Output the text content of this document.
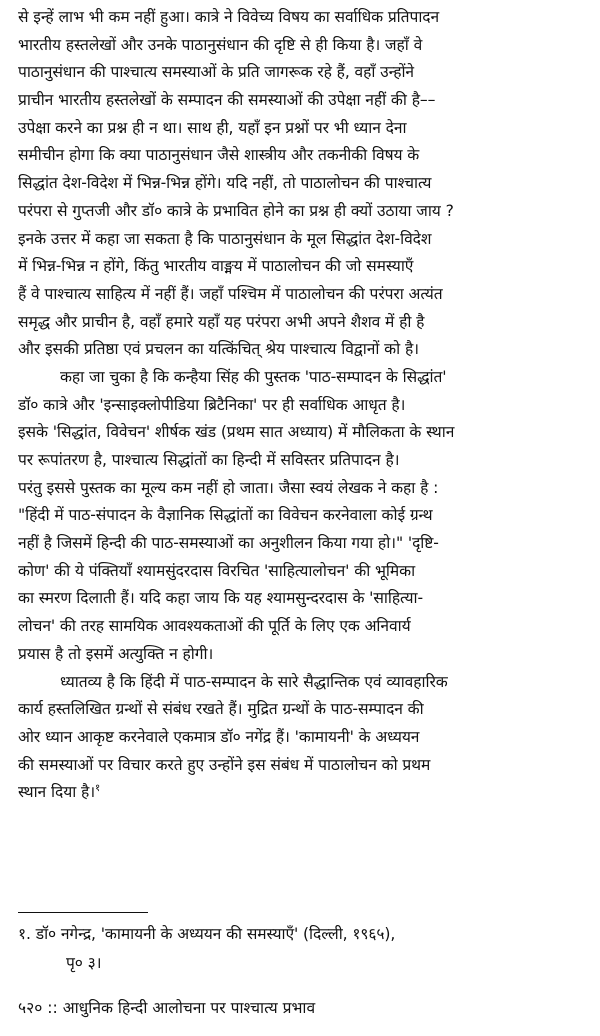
से इन्हें लाभ भी कम नहीं हुआ। कात्रे ने विवेच्य विषय का सर्वाधिक प्रतिपादन
भारतीय हस्तलेखों और उनके पाठानुसंधान की दृष्टि से ही किया है। जहाँ वे
पाठानुसंधान की पाश्चात्य समस्याओं के प्रति जागरूक रहे हैं, वहाँ उन्होंने
प्राचीन भारतीय हस्तलेखों के सम्पादन की समस्याओं की उपेक्षा नहीं की है––
उपेक्षा करने का प्रश्न ही न था। साथ ही, यहाँ इन प्रश्नों पर भी ध्यान देना
समीचीन होगा कि क्या पाठानुसंधान जैसे शास्त्रीय और तकनीकी विषय के
सिद्धांत देश-विदेश में भिन्न-भिन्न होंगे। यदि नहीं, तो पाठालोचन की पाश्चात्य
परंपरा से गुप्तजी और डॉ० कात्रे के प्रभावित होने का प्रश्न ही क्यों उठाया जाय ?
इनके उत्तर में कहा जा सकता है कि पाठानुसंधान के मूल सिद्धांत देश-विदेश
में भिन्न-भिन्न न होंगे, किंतु भारतीय वाङ्मय में पाठालोचन की जो समस्याएँ
हैं वे पाश्चात्य साहित्य में नहीं हैं। जहाँ पश्चिम में पाठालोचन की परंपरा अत्यंत
समृद्ध और प्राचीन है, वहाँ हमारे यहाँ यह परंपरा अभी अपने शैशव में ही है
और इसकी प्रतिष्ठा एवं प्रचलन का यत्किंचित् श्रेय पाश्चात्य विद्वानों को है।
कहा जा चुका है कि कन्हैया सिंह की पुस्तक 'पाठ-सम्पादन के सिद्धांत'
डॉ० कात्रे और 'इन्साइक्लोपीडिया ब्रिटैनिका' पर ही सर्वाधिक आधृत है।
इसके 'सिद्धांत, विवेचन' शीर्षक खंड (प्रथम सात अध्याय) में मौलिकता के स्थान
पर रूपांतरण है, पाश्चात्य सिद्धांतों का हिन्दी में सविस्तर प्रतिपादन है।
परंतु इससे पुस्तक का मूल्य कम नहीं हो जाता। जैसा स्वयं लेखक ने कहा है :
"हिंदी में पाठ-संपादन के वैज्ञानिक सिद्धांतों का विवेचन करनेवाला कोई ग्रन्थ
नहीं है जिसमें हिन्दी की पाठ-समस्याओं का अनुशीलन किया गया हो।" 'दृष्टि-
कोण' की ये पंक्तियाँ श्यामसुंदरदास विरचित 'साहित्यालोचन' की भूमिका
का स्मरण दिलाती हैं। यदि कहा जाय कि यह श्यामसुन्दरदास के 'साहित्या-
लोचन' की तरह सामयिक आवश्यकताओं की पूर्ति के लिए एक अनिवार्य
प्रयास है तो इसमें अत्युक्ति न होगी।
ध्यातव्य है कि हिंदी में पाठ-सम्पादन के सारे सैद्धान्तिक एवं व्यावहारिक
कार्य हस्तलिखित ग्रन्थों से संबंध रखते हैं। मुद्रित ग्रन्थों के पाठ-सम्पादन की
ओर ध्यान आकृष्ट करनेवाले एकमात्र डॉ० नगेंद्र हैं। 'कामायनी' के अध्ययन
की समस्याओं पर विचार करते हुए उन्होंने इस संबंध में पाठालोचन को प्रथम
स्थान दिया है।$^१$
१. डॉ० नगेन्द्र, 'कामायनी के अध्ययन की समस्याएँ' (दिल्ली, १९६५),
पृ० ३।
५२० :: आधुनिक हिन्दी आलोचना पर पाश्चात्य प्रभाव
